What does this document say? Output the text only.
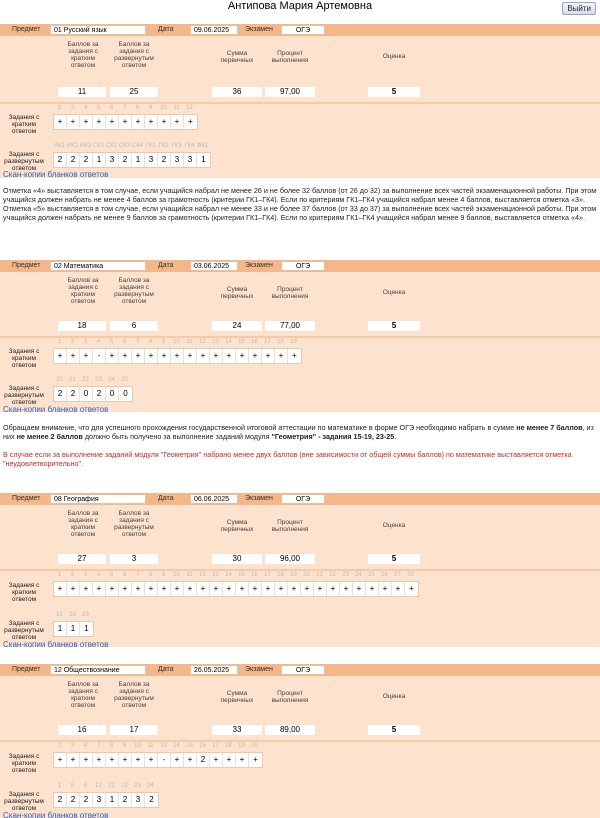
Антипова Мария Артемовна	Выйти
Предмет	01 Русский язык	Дата	09.06.2025	Экзамен	ОГЭ
Баллов за задания с кратким ответом
Баллов за задания с развернутым ответом
Сумма первичных
Процент выполнения
Оценка
11	25	36	97,00	5
Задания с кратким ответом
2	3	4	5	6	7	8	9	10	11	12
+	+	+	+	+	+	+	+	+	+	+
Задания с развернутым ответом
ИК1 ИК2 ИК3 СК1 СК2 СК3 СК4 ГК1 ГК2 ГК3 ГК4 ФК1
2	2	2	1	3	2	1	3	2	3	3	1
Скан-копии бланков ответов
Предмет	02 Математика	Дата	03.06.2025	Экзамен	ОГЭ
Баллов за задания с кратким ответом
Баллов за задания с развернутым ответом
Сумма первичных
Процент выполнения
Оценка
18	6	24	77,00	5
Задания с кратким ответом
1	2	3	4	5	6	7	8	9	10	11	12	13	14	15	16	17	18	19
+	+	+	-	+	+	+	+	+	+	+	+	+	+	+	+	+	+	+
Задания с развернутым ответом
20	21	22	23	24	25
2	2	0	2	0	0
Скан-копии бланков ответов
Предмет	08 География	Дата	06.06.2025	Экзамен	ОГЭ
Баллов за задания с кратким ответом
Баллов за задания с развернутым ответом
Сумма первичных
Процент выполнения
Оценка
27	3	30	96,00	5
Задания с кратким ответом
1	2	3	4	5	6	7	8	9	10	11	12	13	14	15	16	17	18	19	20	21	22	23	24	25	26	27	30
+	+	+	+	+	+	+	+	+	+	+	+	+	+	+	+	+	+	+	+	+	+	+	+	+	+	+	+
Задания с развернутым ответом
12	28	29
1	1	1
Скан-копии бланков ответов
Предмет	12 Обществознание	Дата	26.05.2025	Экзамен	ОГЭ
Баллов за задания с кратким ответом
Баллов за задания с развернутым ответом
Сумма первичных
Процент выполнения
Оценка
16	17	33	89,00	5
Задания с кратким ответом
2	3	4	7	8	9	10	11	13	14	15	16	17	18	19	20
+	+	+	+	+	+	+	+	-	+	+	2	+	+	+	+
Задания с развернутым ответом
1	5	6	12	21	22	23	24
2	2	2	3	1	2	3	2
Скан-копии бланков ответов
Отметка «4» выставляется в том случае, если учащийся набрал не менее 26 и не более 32 баллов (от 26 до 32) за выполнение всех частей экзаменационной работы. При этом учащийся должен набрать не менее 4 баллов за грамотность (критерии ГК1–ГК4). Если по критериям ГК1–ГК4 учащийся набрал менее 4 баллов, выставляется отметка «3». Отметка «5» выставляется в том случае, если учащийся набрал не менее 33 и не более 37 баллов (от 33 до 37) за выполнение всех частей экзаменационной работы. При этом учащийся должен набрать не менее 9 баллов за грамотность (критерии ГК1–ГК4). Если по критериям ГК1–ГК4 учащийся набрал менее 9 баллов, выставляется отметка «4».
Обращаем внимание, что для успешного прохождения государственной итоговой аттестации по математике в форме ОГЭ необходимо набрать в сумме не менее 7 баллов, из них не менее 2 баллов должно быть получено за выполнение заданий модуля "Геометрия" - задания 15-19, 23-25.
В случае если за выполнение заданий модуля "Геометрия" набрано менее двух баллов (вне зависимости от общей суммы баллов) по математике выставляется отметка "неудовлетворительно".
